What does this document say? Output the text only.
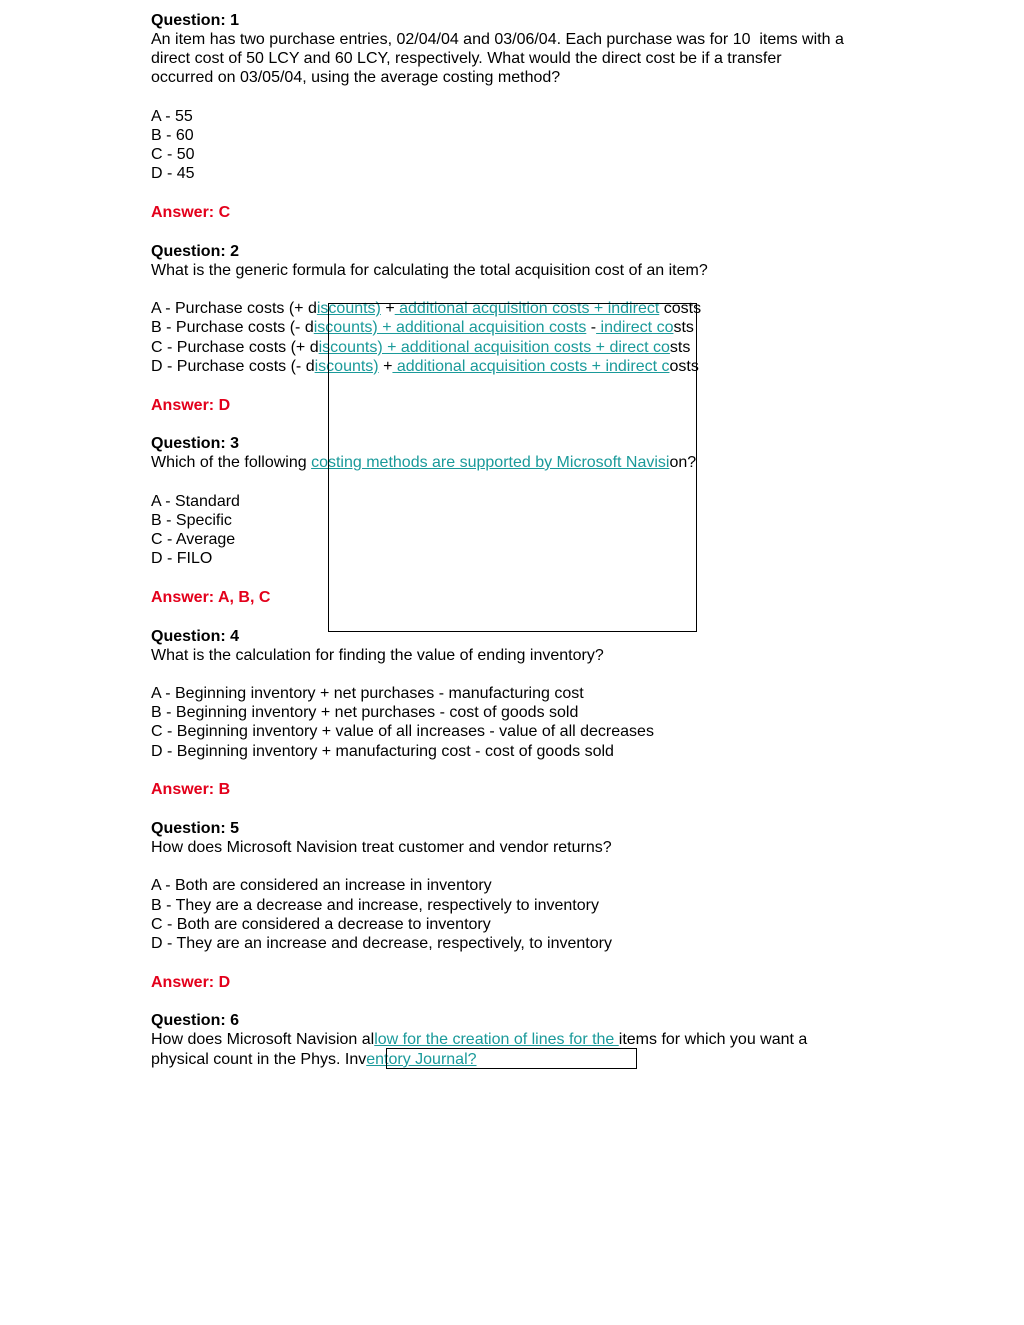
Question: 1
An item has two purchase entries, 02/04/04 and 03/06/04. Each purchase was for 10  items with a
direct cost of 50 LCY and 60 LCY, respectively. What would the direct cost be if a transfer
occurred on 03/05/04, using the average costing method?
A - 55
B - 60
C - 50
D - 45
Answer: C
Question: 2
What is the generic formula for calculating the total acquisition cost of an item?
A - Purchase costs (+ discounts) + additional acquisition costs + indirect costs
B - Purchase costs (- discounts) + additional acquisition costs - indirect costs
C - Purchase costs (+ discounts) + additional acquisition costs + direct costs
D - Purchase costs (- discounts) + additional acquisition costs + indirect costs
Answer: D
Question: 3
Which of the following costing methods are supported by Microsoft Navision?
A - Standard
B - Specific
C - Average
D - FILO
Answer: A, B, C
Question: 4
What is the calculation for finding the value of ending inventory?
A - Beginning inventory + net purchases - manufacturing cost
B - Beginning inventory + net purchases - cost of goods sold
C - Beginning inventory + value of all increases - value of all decreases
D - Beginning inventory + manufacturing cost - cost of goods sold
Answer: B
Question: 5
How does Microsoft Navision treat customer and vendor returns?
A - Both are considered an increase in inventory
B - They are a decrease and increase, respectively to inventory
C - Both are considered a decrease to inventory
D - They are an increase and decrease, respectively, to inventory
Answer: D
Question: 6
How does Microsoft Navision allow for the creation of lines for the items for which you want a
physical count in the Phys. Inventory Journal?
